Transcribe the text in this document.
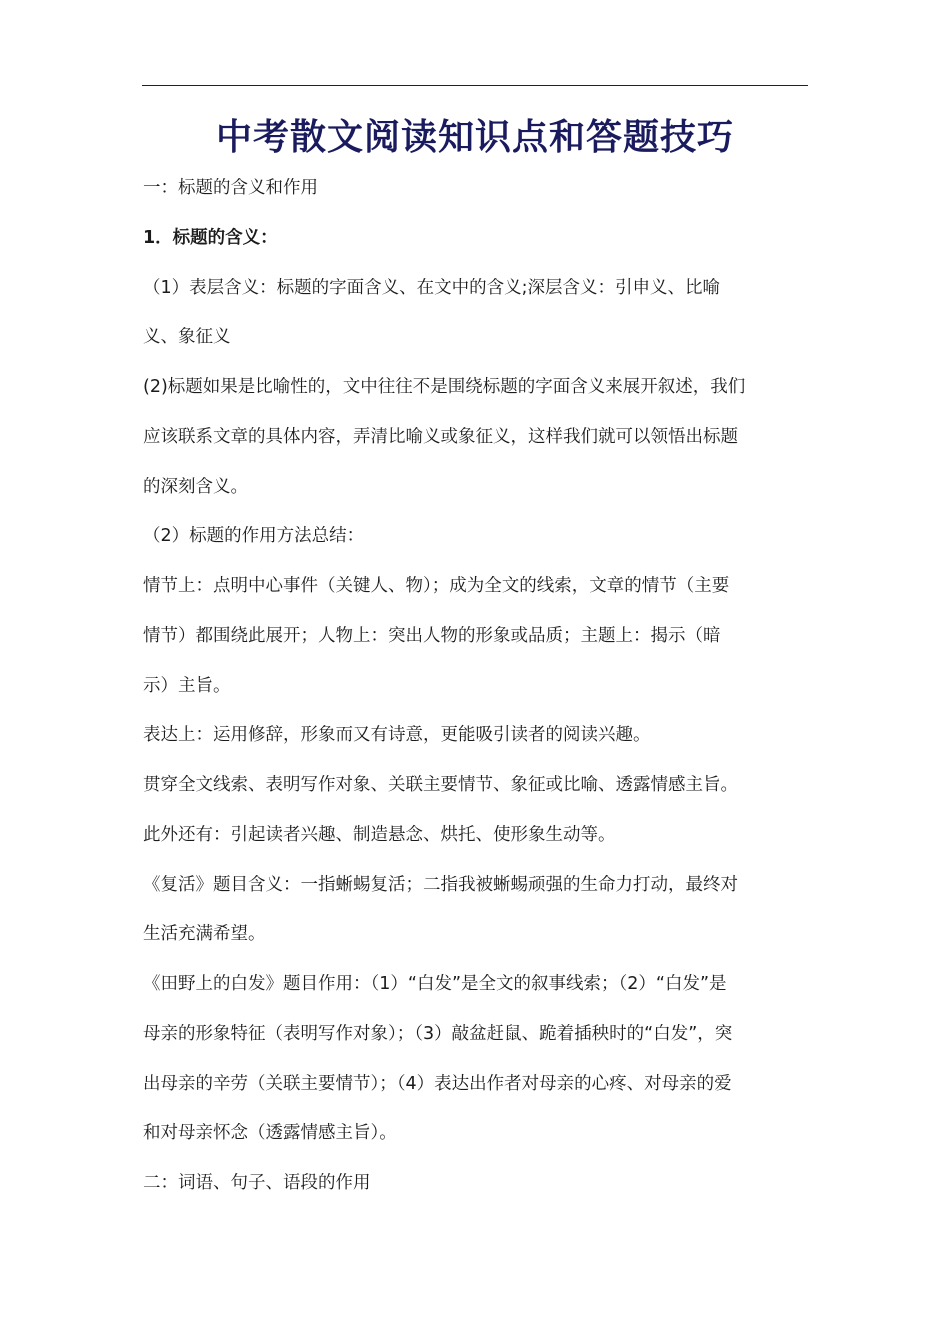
中考散文阅读知识点和答题技巧
一：标题的含义和作用
1．标题的含义：
（1）表层含义：标题的字面含义、在文中的含义;深层含义：引申义、比喻
义、象征义
(2)标题如果是比喻性的，文中往往不是围绕标题的字面含义来展开叙述，我们
应该联系文章的具体内容，弄清比喻义或象征义，这样我们就可以领悟出标题
的深刻含义。
（2）标题的作用方法总结：
情节上：点明中心事件（关键人、物）；成为全文的线索，文章的情节（主要
情节）都围绕此展开；人物上：突出人物的形象或品质；主题上：揭示（暗
示）主旨。
表达上：运用修辞，形象而又有诗意，更能吸引读者的阅读兴趣。
贯穿全文线索、表明写作对象、关联主要情节、象征或比喻、透露情感主旨。
此外还有：引起读者兴趣、制造悬念、烘托、使形象生动等。
《复活》题目含义：一指蜥蜴复活；二指我被蜥蜴顽强的生命力打动，最终对
生活充满希望。
《田野上的白发》题目作用：（1）“白发”是全文的叙事线索；（2）“白发”是
母亲的形象特征（表明写作对象）；（3）敲盆赶鼠、跪着插秧时的“白发”，突
出母亲的辛劳（关联主要情节）；（4）表达出作者对母亲的心疼、对母亲的爱
和对母亲怀念（透露情感主旨）。
二：词语、句子、语段的作用
